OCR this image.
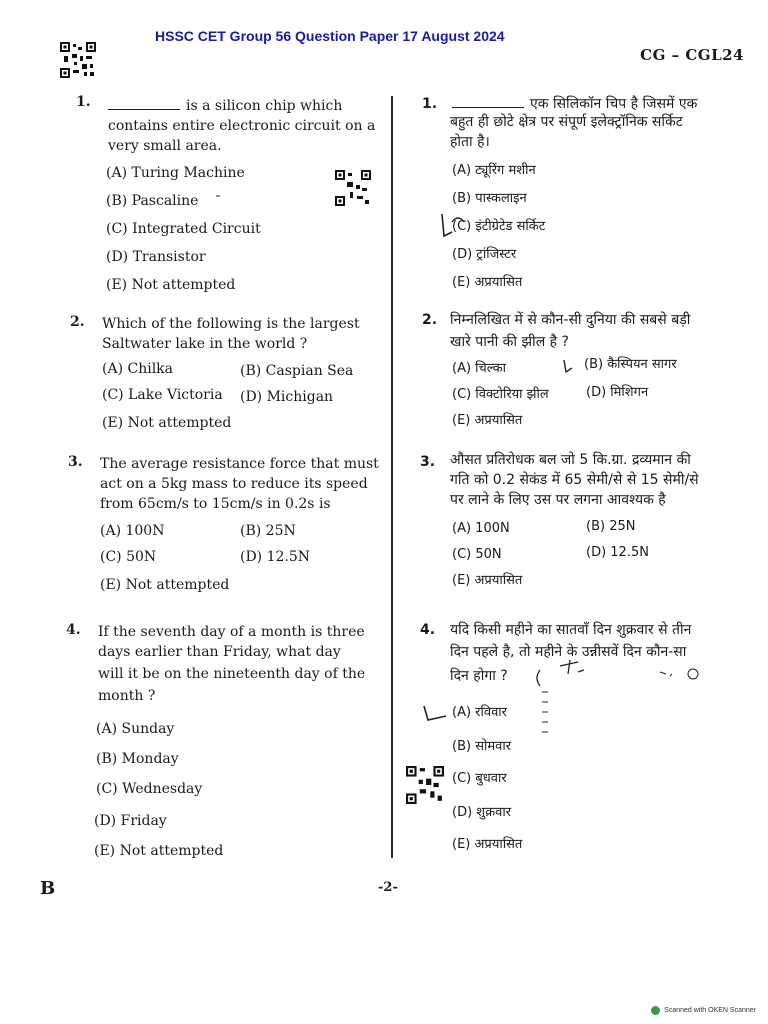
HSSC CET Group 56 Question Paper 17 August 2024
CG – CGL24
1.	is a silicon chip which
contains entire electronic circuit on a
very small area.
(A) Turing Machine
(B) Pascaline
(C) Integrated Circuit
(D) Transistor
(E) Not attempted
2. Which of the following is the largest
Saltwater lake in the world ?
(A) Chilka	(B) Caspian Sea
(C) Lake Victoria (D) Michigan
(E) Not attempted
3. The average resistance force that must
act on a 5kg mass to reduce its speed
from 65cm/s to 15cm/s in 0.2s is
(A) 100N	(B) 25N
(C) 50N	(D) 12.5N
(E) Not attempted
4. If the seventh day of a month is three
days earlier than Friday, what day
will it be on the nineteenth day of the
month ?
(A) Sunday
(B) Monday
(C) Wednesday
(D) Friday
(E) Not attempted
1.	एक सिलिकॉन चिप है जिसमें एक
बहुत ही छोटे क्षेत्र पर संपूर्ण इलेक्ट्रॉनिक सर्किट
होता है।
(A) ट्यूरिंग मशीन
(B) पास्कलाइन
(C) इंटीग्रेटेड सर्किट
(D) ट्रांजिस्टर
(E) अप्रयासित
2. निम्नलिखित में से कौन-सी दुनिया की सबसे बड़ी
खारे पानी की झील है ?
(A) चिल्का	(B) कैस्पियन सागर
(C) विक्टोरिया झील	(D) मिशिगन
(E) अप्रयासित
3. औसत प्रतिरोधक बल जो 5 कि.ग्रा. द्रव्यमान की
गति को 0.2 सेकंड में 65 सेमी/से से 15 सेमी/से
पर लाने के लिए उस पर लगना आवश्यक है
(A) 100N	(B) 25N
(C) 50N	(D) 12.5N
(E) अप्रयासित
4. यदि किसी महीने का सातवाँ दिन शुक्रवार से तीन
दिन पहले है, तो महीने के उन्नीसवें दिन कौन-सा
दिन होगा ?
(A) रविवार
(B) सोमवार
(C) बुधवार
(D) शुक्रवार
(E) अप्रयासित
B	-2-
Scanned with OKEN Scanner
